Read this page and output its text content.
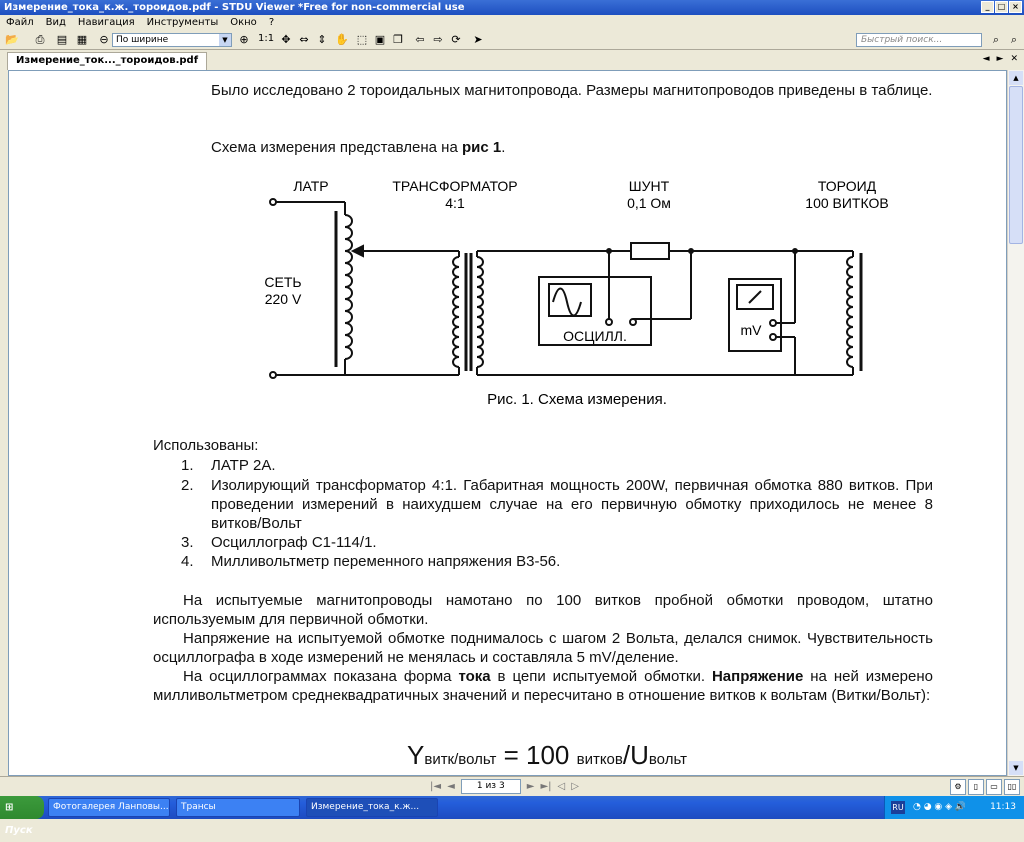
Измерение_тока_к.ж._тороидов.pdf - STDU Viewer *Free for non-commercial use	_	□ ×
Файл	Вид	Навигация	Инструменты	Окно	?
📂	⎙	▤ ▦	⊖ По ширине	▼	⊕ 1:1 ✥ ⇔ ⇕ ✋ ⬚ ▣ ❐	⇦ ⇨ ⟳	➤	Быстрый поиск...	⌕	⌕
Измерение_ток..._тороидов.pdf	◄ ► ✕

Было исследовано 2 тороидальных магнитопровода. Размеры магнитопроводов приведены в таблице.

Схема измерения представлена на рис 1.

ЛАТР	ТРАНСФОРМАТОР
4:1
ШУНТ
0,1 Ом
ТОРОИД
100 ВИТКОВ
СЕТЬ
220 V
ОСЦИЛЛ.	mV
Рис. 1. Схема измерения.

Использованы:

1. ЛАТР 2А.

2. Изолирующий трансформатор 4:1. Габаритная мощность 200W, первичная обмотка 880 витков. При проведении измерений в наихудшем случае на его первичную обмотку приходилось не менее 8 витков/Вольт

3. Осциллограф С1-114/1.

4. Милливольтметр переменного напряжения В3-56.

На испытуемые магнитопроводы намотано по 100 витков пробной обмотки проводом, штатно используемым для первичной обмотки.

Напряжение на испытуемой обмотке поднималось с шагом 2 Вольта, делался снимок. Чувствительность осциллографа в ходе измерений не менялась и составляла 5 mV/деление.

На осциллограммах показана форма тока в цепи испытуемой обмотки. Напряжение на ней измерено милливольтметром среднеквадратичных значений и пересчитано в отношение витков к вольтам (Витки/Вольт):

Yвитк/вольт = 100 витков/Uвольт

▲
▼
|◄ ◄	1 из 3	► ►| ◁ ▷	⚙	▯	▭	▯▯
⊞ Пуск
Фотогалерея Ланповы...	Трансы	Измерение_тока_к.ж...	RU ◔ ◕ ◉ ◈ 🔊	11:13
